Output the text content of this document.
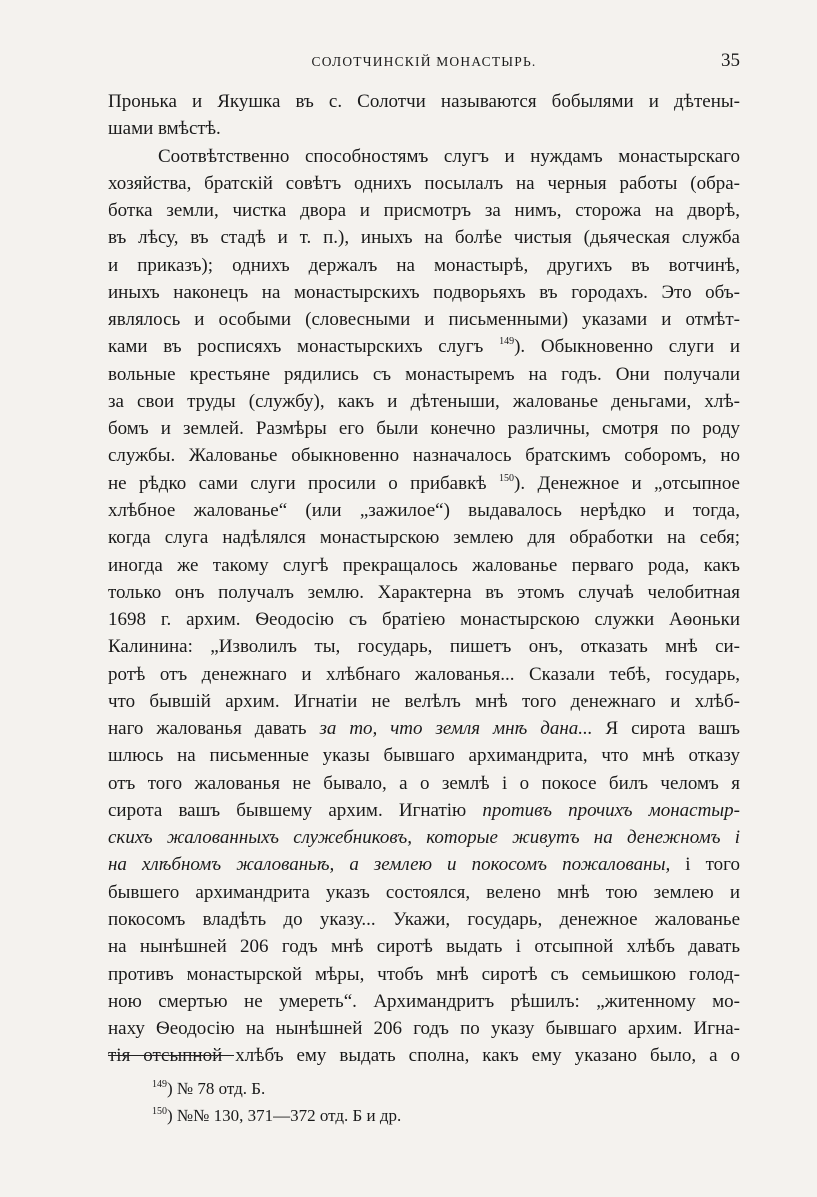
СОЛОТЧИНСКІЙ МОНАСТЫРЬ.	35
Пронька и Якушка въ с. Солотчи называются бобылями и дѣтены-
шами вмѣстѣ.
Соотвѣтственно способностямъ слугъ и нуждамъ монастырскаго
хозяйства, братскій совѣтъ однихъ посылалъ на черныя работы (обра-
ботка земли, чистка двора и присмотръ за нимъ, сторожа на дворѣ,
въ лѣсу, въ стадѣ и т. п.), иныхъ на болѣе чистыя (дьяческая служба
и приказъ); однихъ держалъ на монастырѣ, другихъ въ вотчинѣ,
иныхъ наконецъ на монастырскихъ подворьяхъ въ городахъ. Это объ-
являлось и особыми (словесными и письменными) указами и отмѣт-
ками въ росписяхъ монастырскихъ слугъ $^{149}$). Обыкновенно слуги и
вольные крестьяне рядились съ монастыремъ на годъ. Они получали
за свои труды (службу), какъ и дѣтеныши, жалованье деньгами, хлѣ-
бомъ и землей. Размѣры его были конечно различны, смотря по роду
службы. Жалованье обыкновенно назначалось братскимъ соборомъ, но
не рѣдко сами слуги просили о прибавкѣ $^{150}$). Денежное и „отсыпное
хлѣбное жалованье“ (или „зажилое“) выдавалось нерѣдко и тогда,
когда слуга надѣлялся монастырскою землею для обработки на себя;
иногда же такому слугѣ прекращалось жалованье перваго рода, какъ
только онъ получалъ землю. Характерна въ этомъ случаѣ челобитная
1698 г. архим. Ѳеодосію съ братіею монастырскою служки Аѳоньки
Калинина: „Изволилъ ты, государь, пишетъ онъ, отказать мнѣ си-
ротѣ отъ денежнаго и хлѣбнаго жалованья... Сказали тебѣ, государь,
что бывшій архим. Игнатіи не велѣлъ мнѣ того денежнаго и хлѣб-
наго жалованья давать за то, что земля мнѣ дана... Я сирота вашъ
шлюсь на письменные указы бывшаго архимандрита, что мнѣ отказу
отъ того жалованья не бывало, а о землѣ і о покосе билъ челомъ я
сирота вашъ бывшему архим. Игнатію противъ прочихъ монастыр-
скихъ жалованныхъ служебниковъ, которые живутъ на денежномъ і
на хлѣбномъ жалованьѣ, а землею и покосомъ пожалованы, і того
бывшего архимандрита указъ состоялся, велено мнѣ тою землею и
покосомъ владѣть до указу... Укажи, государь, денежное жалованье
на нынѣшней 206 годъ мнѣ сиротѣ выдать і отсыпной хлѣбъ давать
противъ монастырской мѣры, чтобъ мнѣ сиротѣ съ семьишкою голод-
ною смертью не умереть“. Архимандритъ рѣшилъ: „житенному мо-
наху Ѳеодосію на нынѣшней 206 годъ по указу бывшаго архим. Игна-
тія отсыпной хлѣбъ ему выдать сполна, какъ ему указано было, а о
$^{149}$) № 78 отд. Б.
$^{150}$) №№ 130, 371—372 отд. Б и др.
